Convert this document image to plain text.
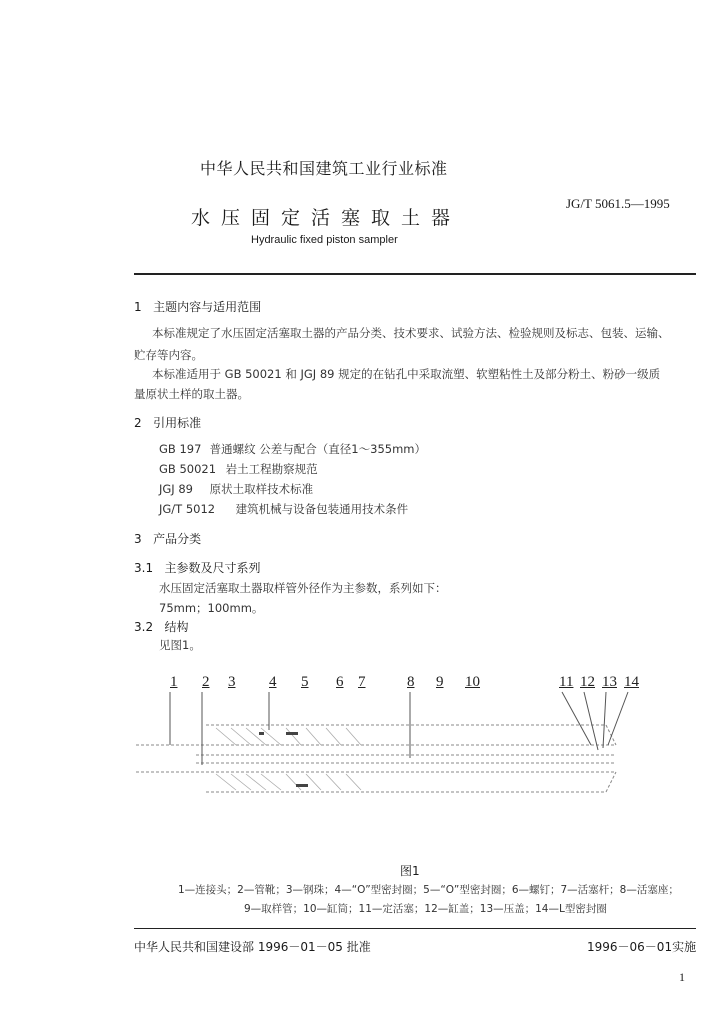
中华人民共和国建筑工业行业标准
水压固定活塞取土器
Hydraulic fixed piston sampler
JG/T 5061.5—1995
1 主题内容与适用范围
本标准规定了水压固定活塞取土器的产品分类、技术要求、试验方法、检验规则及标志、包装、运输、
贮存等内容。
本标准适用于 GB 50021 和 JGJ 89 规定的在钻孔中采取流塑、软塑粘性土及部分粉土、粉砂一级质
量原状土样的取土器。
2 引用标准
GB 197 普通螺纹 公差与配合（直径1～355mm）
GB 50021 岩土工程勘察规范
JGJ 89 原状土取样技术标准
JG/T 5012 建筑机械与设备包装通用技术条件
3 产品分类
3.1 主参数及尺寸系列
水压固定活塞取土器取样管外径作为主参数，系列如下：
75mm；100mm。
3.2 结构
见图1。
1 2 3 4 5 6 7	8 9 10	11 12 13 14
图1
1—连接头；2—管靴；3—钢珠；4—“O”型密封圈；5—“O”型密封圈；6—螺钉；7—活塞杆；8—活塞座；
9—取样管；10—缸筒；11—定活塞；12—缸盖；13—压盖；14—L型密封圈
中华人民共和国建设部 1996－01－05 批准	1996－06－01实施
1
